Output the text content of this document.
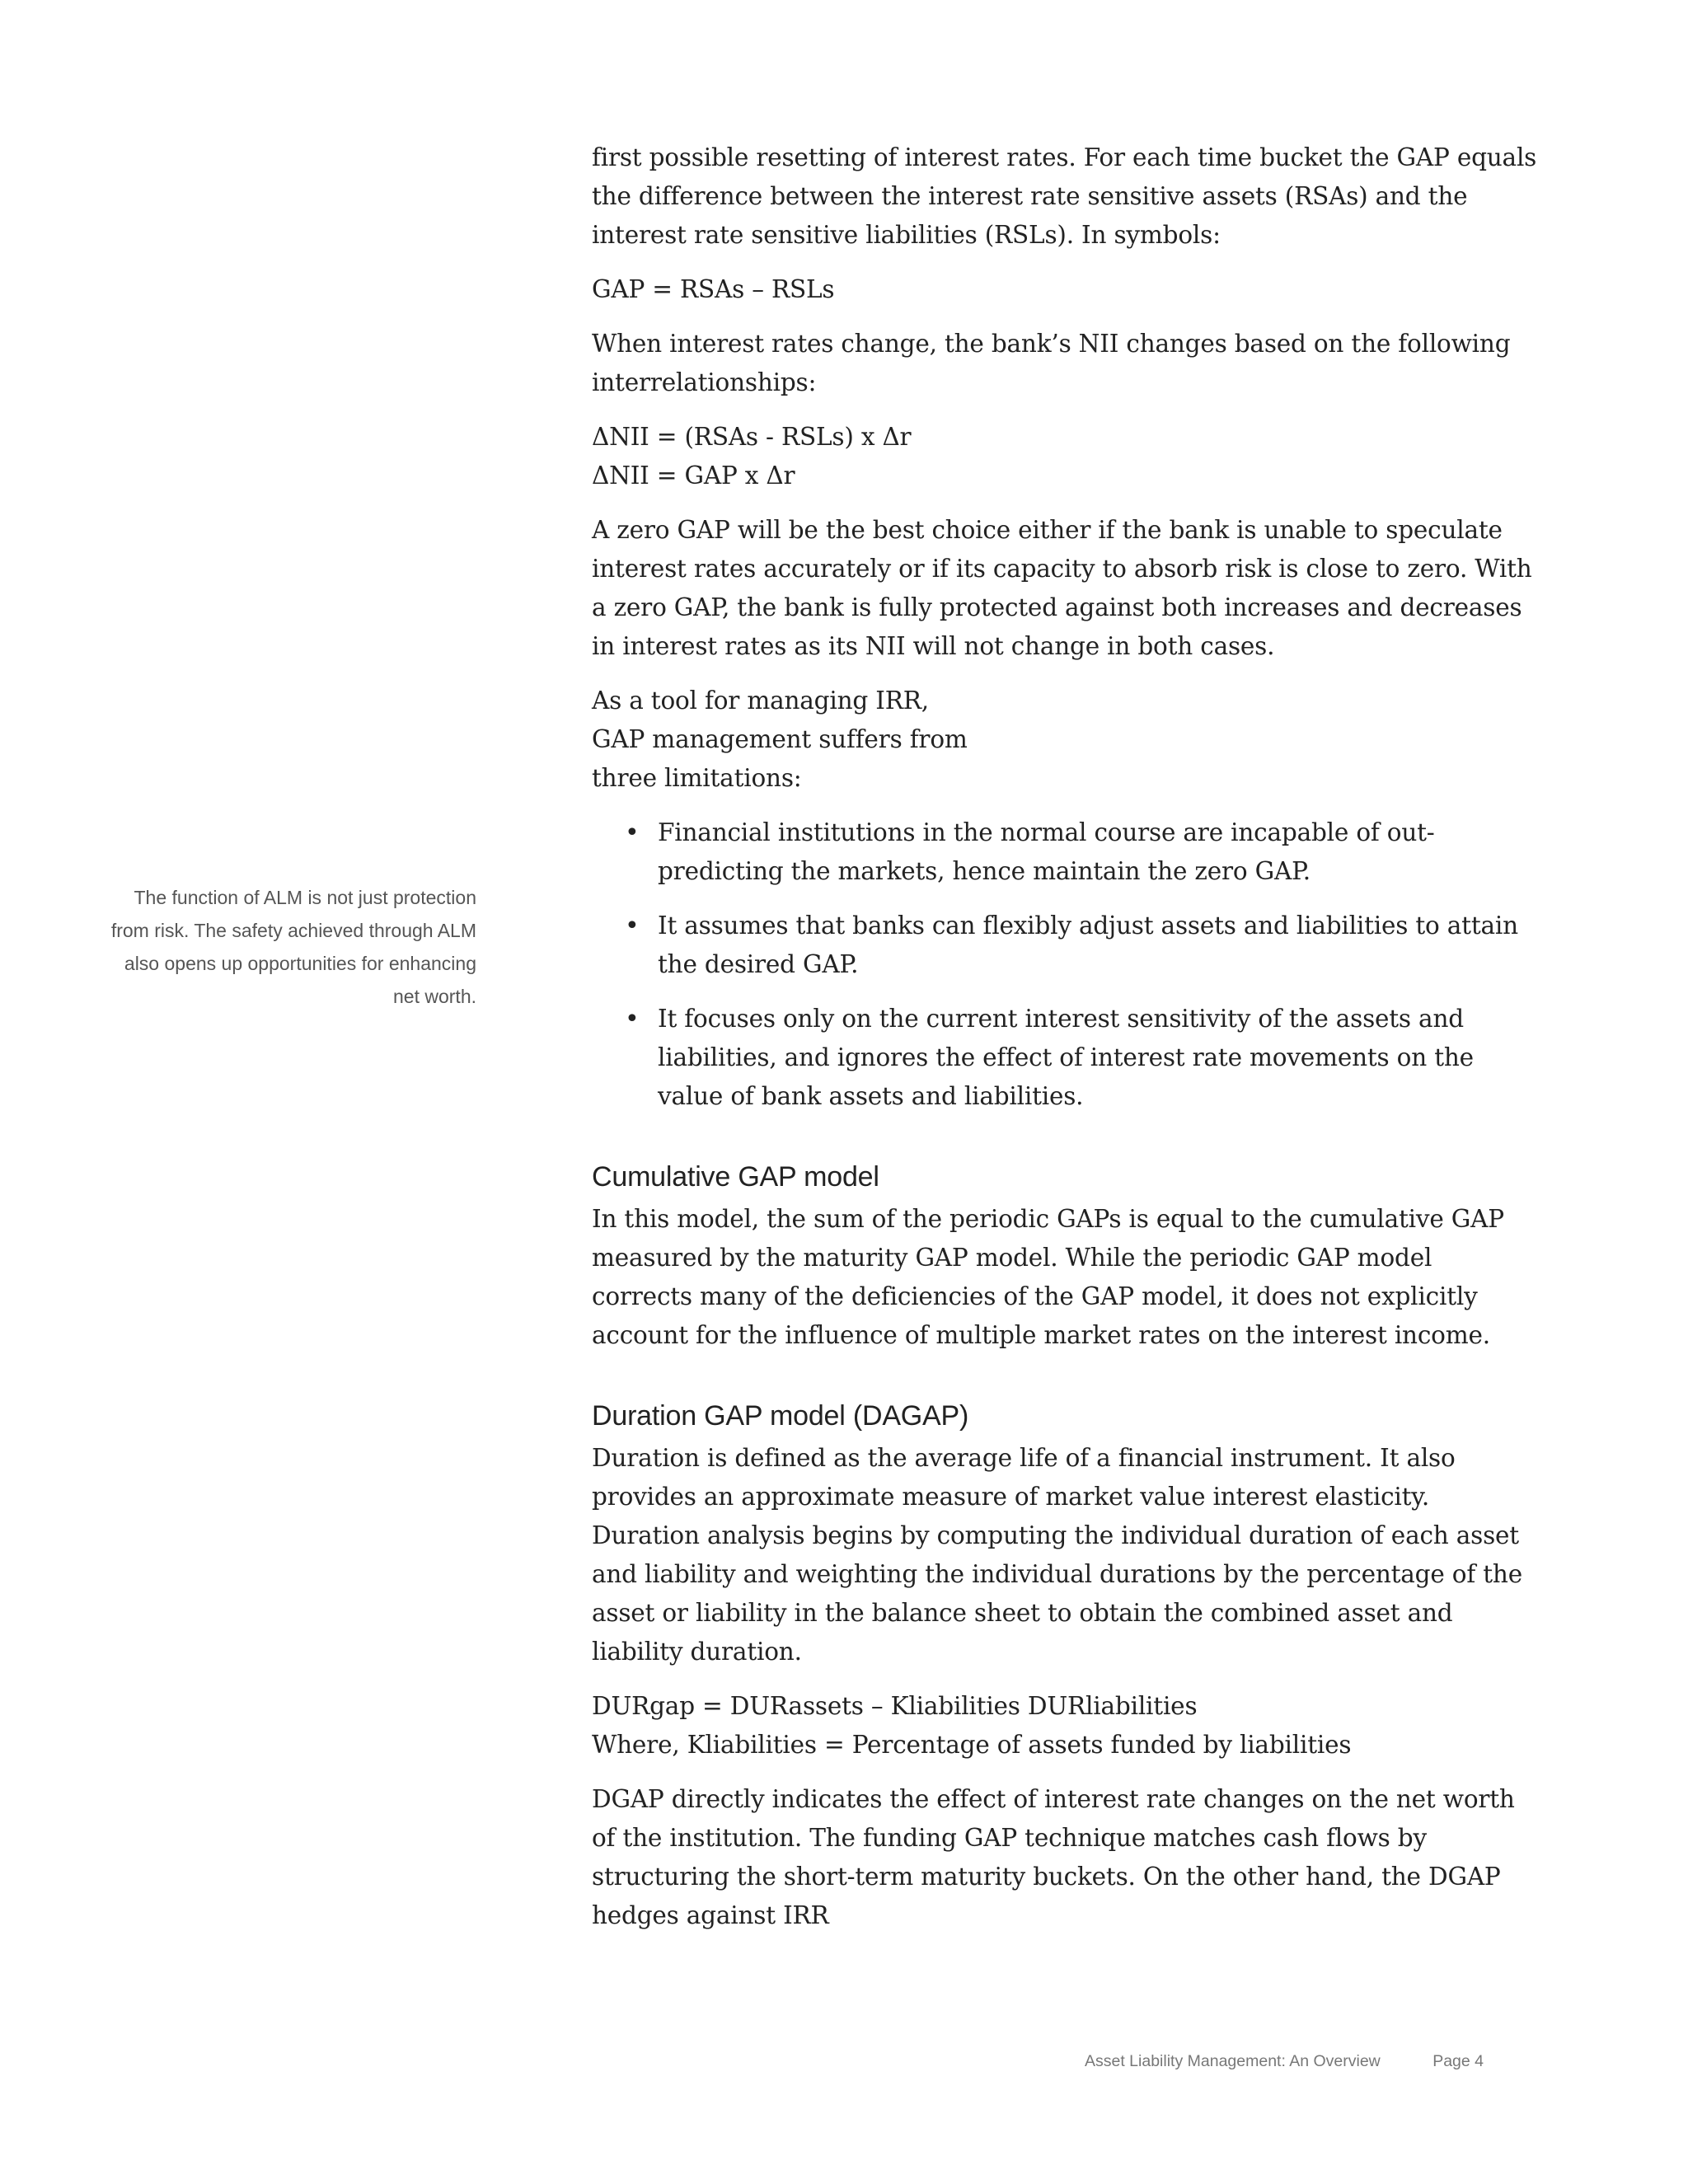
first possible resetting of interest rates. For each time bucket the GAP equals the difference between the interest rate sensitive assets (RSAs) and the interest rate sensitive liabilities (RSLs). In symbols:

GAP = RSAs – RSLs

When interest rates change, the bank’s NII changes based on the following interrelationships:

ΔNII = (RSAs - RSLs) x Δr
ΔNII = GAP x Δr

A zero GAP will be the best choice either if the bank is unable to speculate interest rates accurately or if its capacity to absorb risk is close to zero. With a zero GAP, the bank is fully protected against both increases and decreases in interest rates as its NII will not change in both cases.

As a tool for managing IRR,
GAP management suffers from
three limitations:
• Financial institutions in the normal course are incapable of out-predicting the markets, hence maintain the zero GAP.
• It assumes that banks can flexibly adjust assets and liabilities to attain the desired GAP.
• It focuses only on the current interest sensitivity of the assets and liabilities, and ignores the effect of interest rate movements on the value of bank assets and liabilities.
Cumulative GAP model

In this model, the sum of the periodic GAPs is equal to the cumulative GAP measured by the maturity GAP model. While the periodic GAP model corrects many of the deficiencies of the GAP model, it does not explicitly account for the influence of multiple market rates on the interest income.

Duration GAP model (DAGAP)

Duration is defined as the average life of a financial instrument. It also provides an approximate measure of market value interest elasticity. Duration analysis begins by computing the individual duration of each asset and liability and weighting the individual durations by the percentage of the asset or liability in the balance sheet to obtain the combined asset and liability duration.

DURgap = DURassets – Kliabilities DURliabilities
Where, Kliabilities = Percentage of assets funded by liabilities

DGAP directly indicates the effect of interest rate changes on the net worth of the institution. The funding GAP technique matches cash flows by structuring the short-term maturity buckets. On the other hand, the DGAP hedges against IRR

The function of ALM is not just protection
from risk. The safety achieved through ALM
also opens up opportunities for enhancing
net worth.
Asset Liability Management: An Overview	Page 4
